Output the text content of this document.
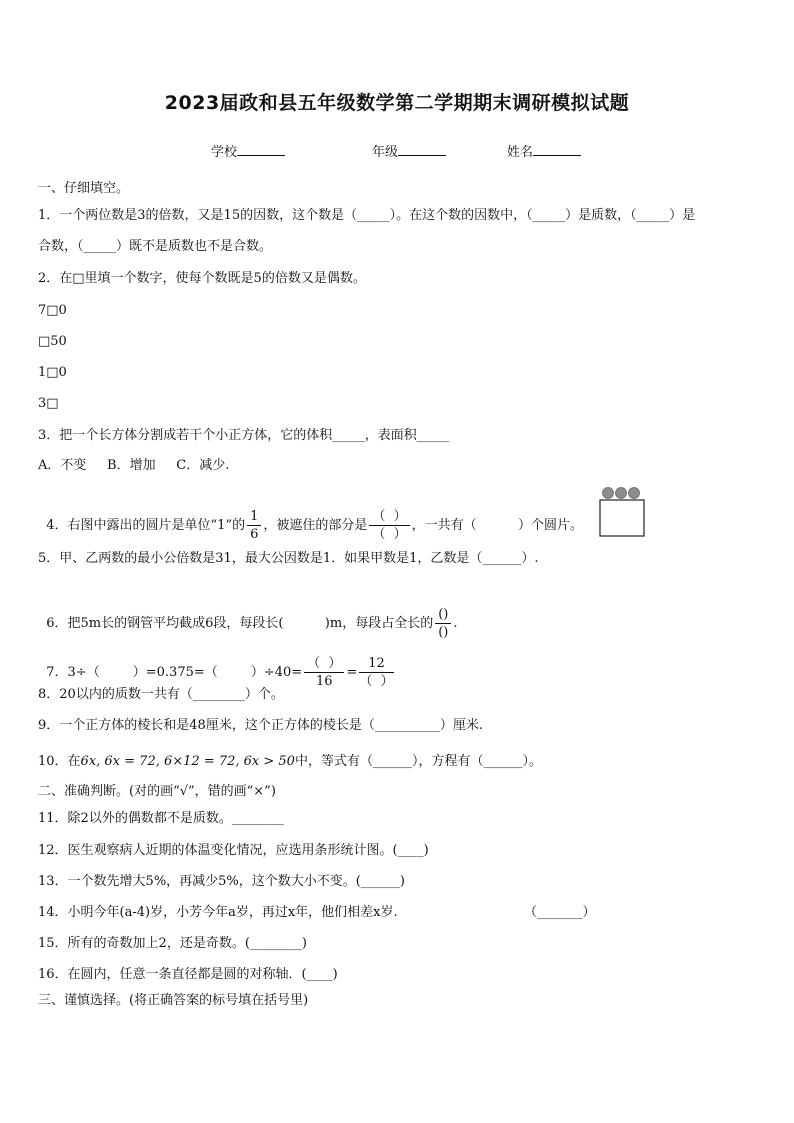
2023届政和县五年级数学第二学期期末调研模拟试题
学校	年级	姓名
一、仔细填空。
1．一个两位数是3的倍数，又是15的因数，这个数是（_____）。在这个数的因数中，（_____）是质数，（_____）是
合数，（_____）既不是质数也不是合数。
2．在□里填一个数字，使每个数既是5的倍数又是偶数。
7□0
□50
1□0
3□
3．把一个长方体分割成若干个小正方体，它的体积_____，表面积_____
A．不变     B．增加     C．减少.

4．右图中露出的圆片是单位“1”的 $\frac{1}{6}$ ，被遮住的部分是 $\frac{( )}{( )}$ ，一共有（          ）个圆片。

5．甲、乙两数的最小公倍数是31，最大公因数是1．如果甲数是1，乙数是（______）.

6．把5m长的钢管平均截成6段，每段长(          )m，每段占全长的 $\frac{()}{()}$ .

7．3÷（        ）=0.375=（        ）$\div 40= \frac{( )}{16} = \frac{12}{( )}$

8．20以内的质数一共有（________）个。
9．一个正方体的棱长和是48厘米，这个正方体的棱长是（__________）厘米.
10．在6x, 6x = 72, 6×12 = 72, 6x > 50中，等式有（______），方程有（______）。
二、准确判断。(对的画“√”，错的画“×”)
11．除2以外的偶数都不是质数。________
12．医生观察病人近期的体温变化情况，应选用条形统计图。(____)
13．一个数先增大5%，再减少5%，这个数大小不变。(______)
14．小明今年(a-4)岁，小芳今年a岁，再过x年，他们相差x岁.	（_______）
15．所有的奇数加上2，还是奇数。(________)
16．在圆内，任意一条直径都是圆的对称轴．(____)
三、谨慎选择。(将正确答案的标号填在括号里)
